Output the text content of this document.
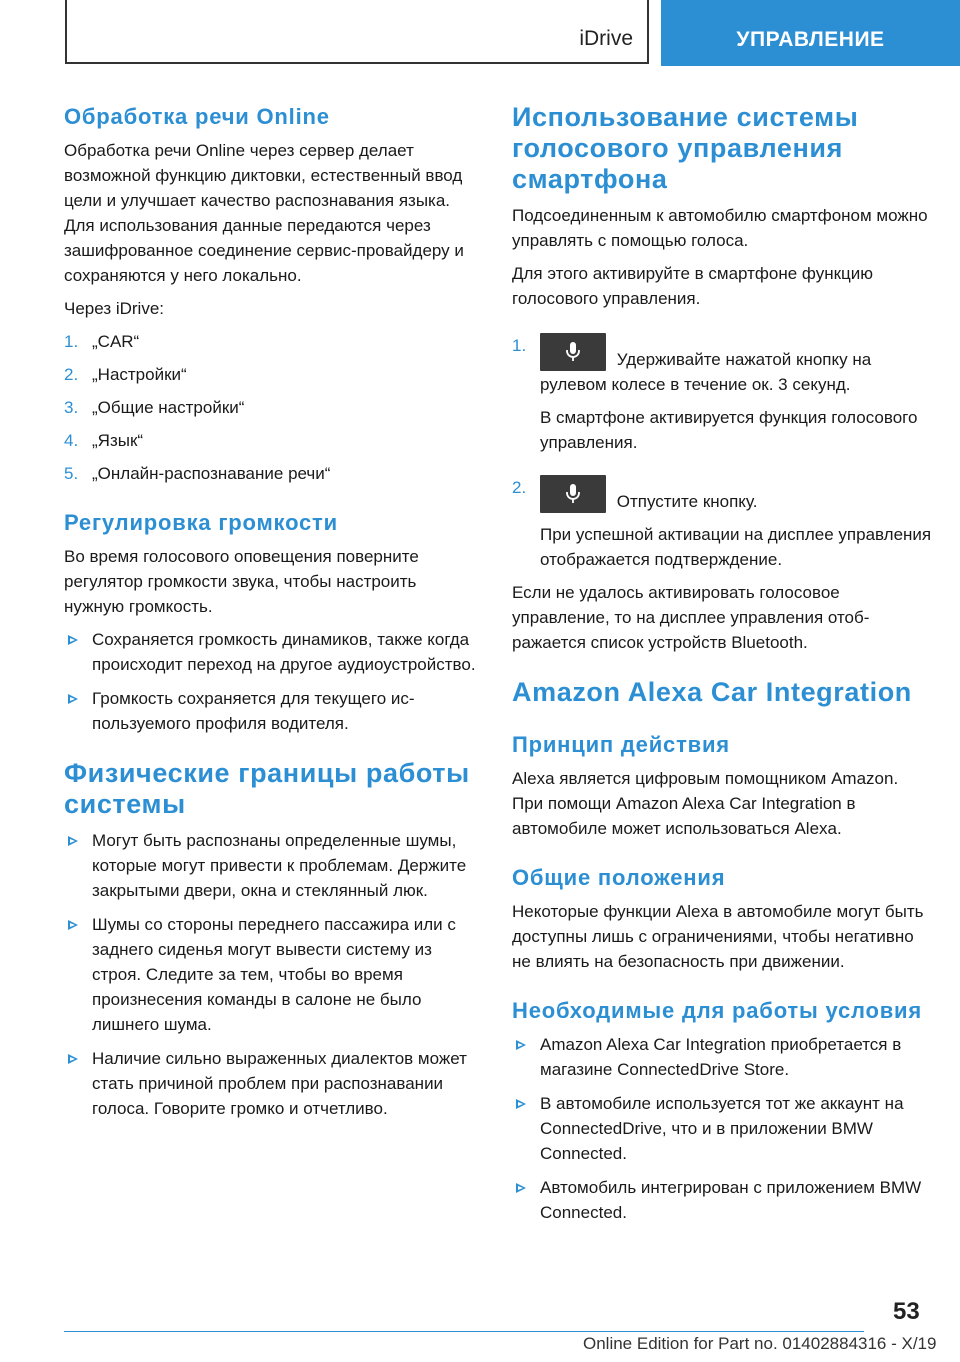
iDrive	УПРАВЛЕНИЕ
Обработка речи Online

Обработка речи Online через сервер делает возможной функцию диктовки, естественный ввод цели и улучшает качество распознавания языка. Для использования данные передаются через зашифрованное соединение сервис-провайдеру и сохраняются у него локально.

Через iDrive:

1. „CAR“
2. „Настройки“
3. „Общие настройки“
4. „Язык“
5. „Онлайн-распознавание речи“
Регулировка громкости

Во время голосового оповещения поверните регулятор громкости звука, чтобы настроить нужную громкость.

Сохраняется громкость динамиков, также когда происходит переход на другое аудиоустройство.
Громкость сохраняется для текущего используемого профиля водителя.
Физические границы работы системы
Могут быть распознаны определенные шумы, которые могут привести к проблемам. Держите закрытыми двери, окна и стеклянный люк.
Шумы со стороны переднего пассажира или с заднего сиденья могут вывести систему из строя. Следите за тем, чтобы во время произнесения команды в салоне не было лишнего шума.
Наличие сильно выраженных диалектов может стать причиной проблем при распознавании голоса. Говорите громко и отчетливо.
Использование системы голосового управления смартфона

Подсоединенным к автомобилю смартфоном можно управлять с помощью голоса.

Для этого активируйте в смартфоне функцию голосового управления.

1.
Удерживайте нажатой кнопку на рулевом колесе в течение ок. 3 секунд.
В смартфоне активируется функция голосового управления.
2.
Отпустите кнопку.
При успешной активации на дисплее управления отображается подтверждение.

Если не удалось активировать голосовое управление, то на дисплее управления отображается список устройств Bluetooth.

Amazon Alexa Car Integration
Принцип действия

Alexa является цифровым помощником Amazon. При помощи Amazon Alexa Car Integration в автомобиле может использоваться Alexa.

Общие положения

Некоторые функции Alexa в автомобиле могут быть доступны лишь с ограничениями, чтобы негативно не влиять на безопасность при движении.

Необходимые для работы условия
Amazon Alexa Car Integration приобретается в магазине ConnectedDrive Store.
В автомобиле используется тот же аккаунт на ConnectedDrive, что и в приложении BMW Connected.
Автомобиль интегрирован с приложением BMW Connected.
53
Online Edition for Part no. 01402884316 - X/19
